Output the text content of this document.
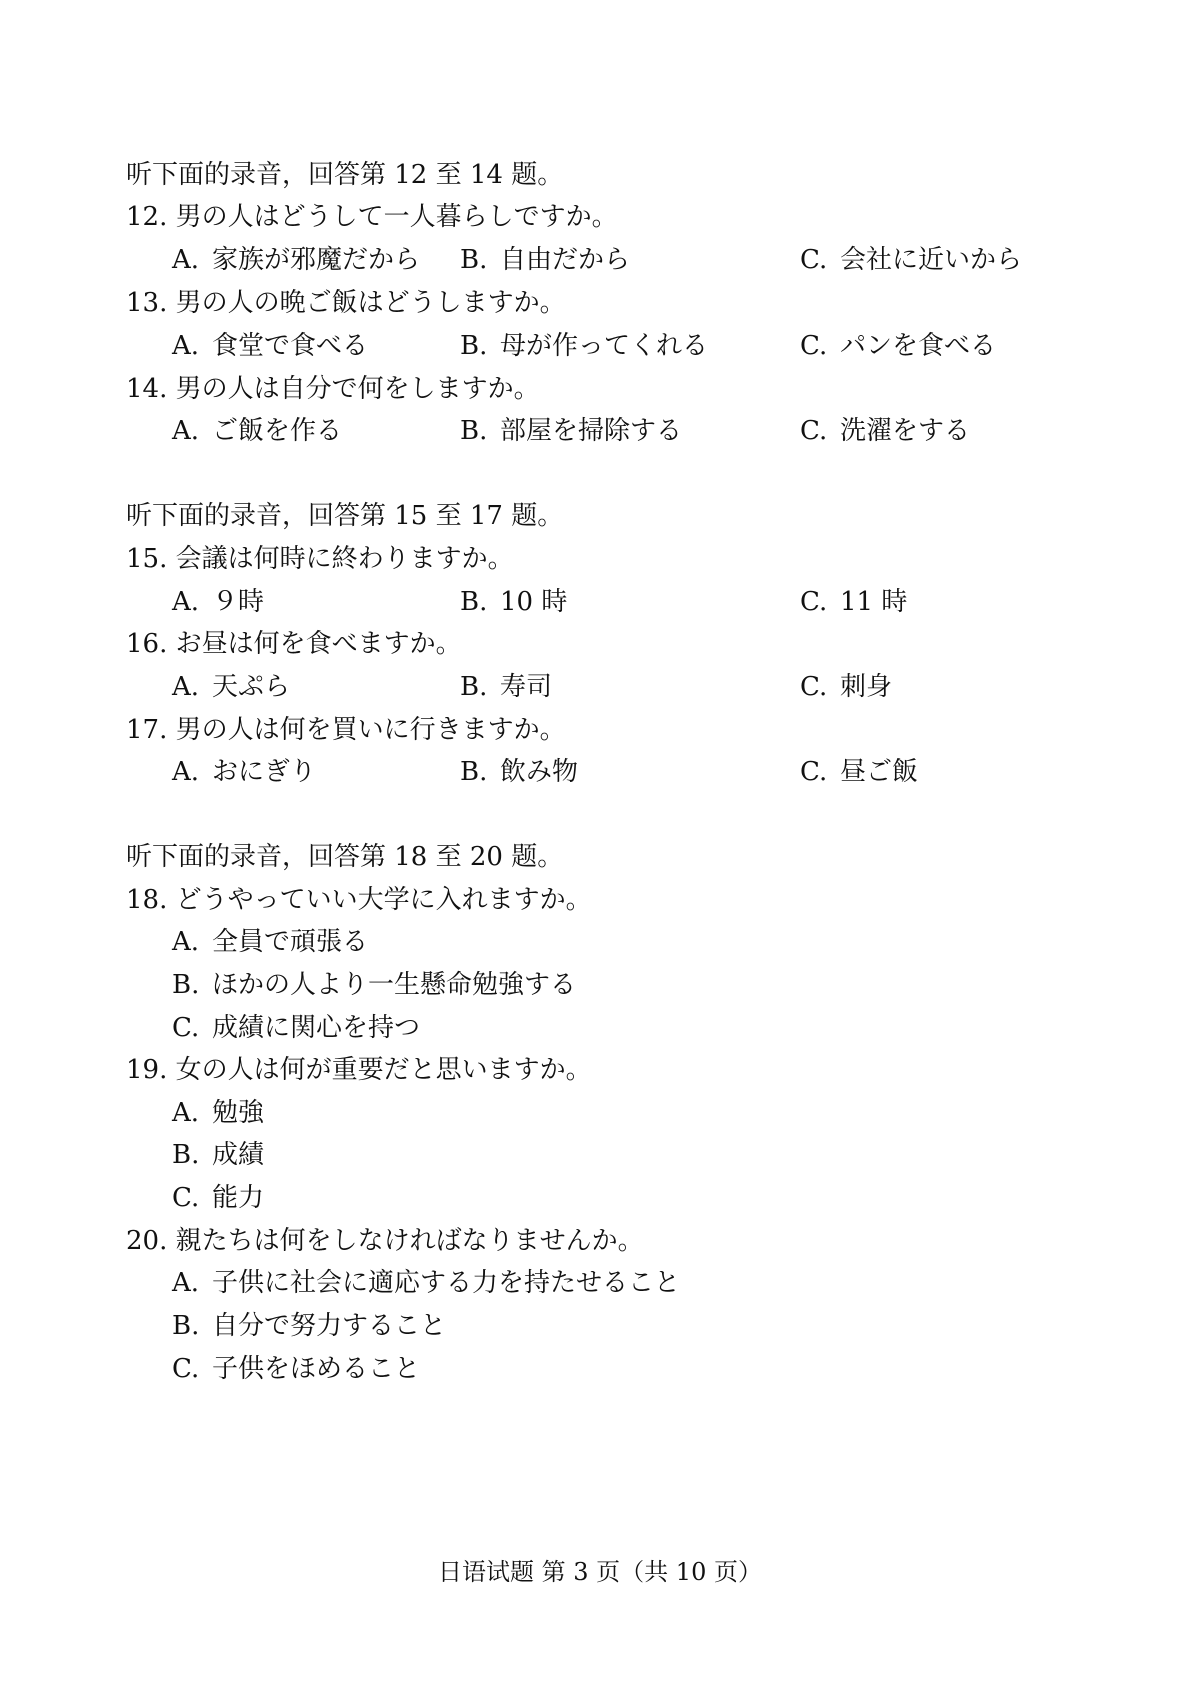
听下面的录音，回答第 12 至 14 题。
12. 男の人はどうして一人暮らしですか。
A. 家族が邪魔だから B. 自由だから	C. 会社に近いから
13. 男の人の晩ご飯はどうしますか。
A. 食堂で食べる	B. 母が作ってくれる	C. パンを食べる
14. 男の人は自分で何をしますか。
A. ご飯を作る	B. 部屋を掃除する	C. 洗濯をする
听下面的录音，回答第 15 至 17 题。
15. 会議は何時に終わりますか。
A. ９時	B. 10 時	C. 11 時
16. お昼は何を食べますか。
A. 天ぷら	B. 寿司	C. 刺身
17. 男の人は何を買いに行きますか。
A. おにぎり	B. 飲み物	C. 昼ご飯
听下面的录音，回答第 18 至 20 题。
18. どうやっていい大学に入れますか。
A. 全員で頑張る
B. ほかの人より一生懸命勉強する
C. 成績に関心を持つ
19. 女の人は何が重要だと思いますか。
A. 勉強
B. 成績
C. 能力
20. 親たちは何をしなければなりませんか。
A. 子供に社会に適応する力を持たせること
B. 自分で努力すること
C. 子供をほめること
日语试题 第 3 页（共 10 页）
